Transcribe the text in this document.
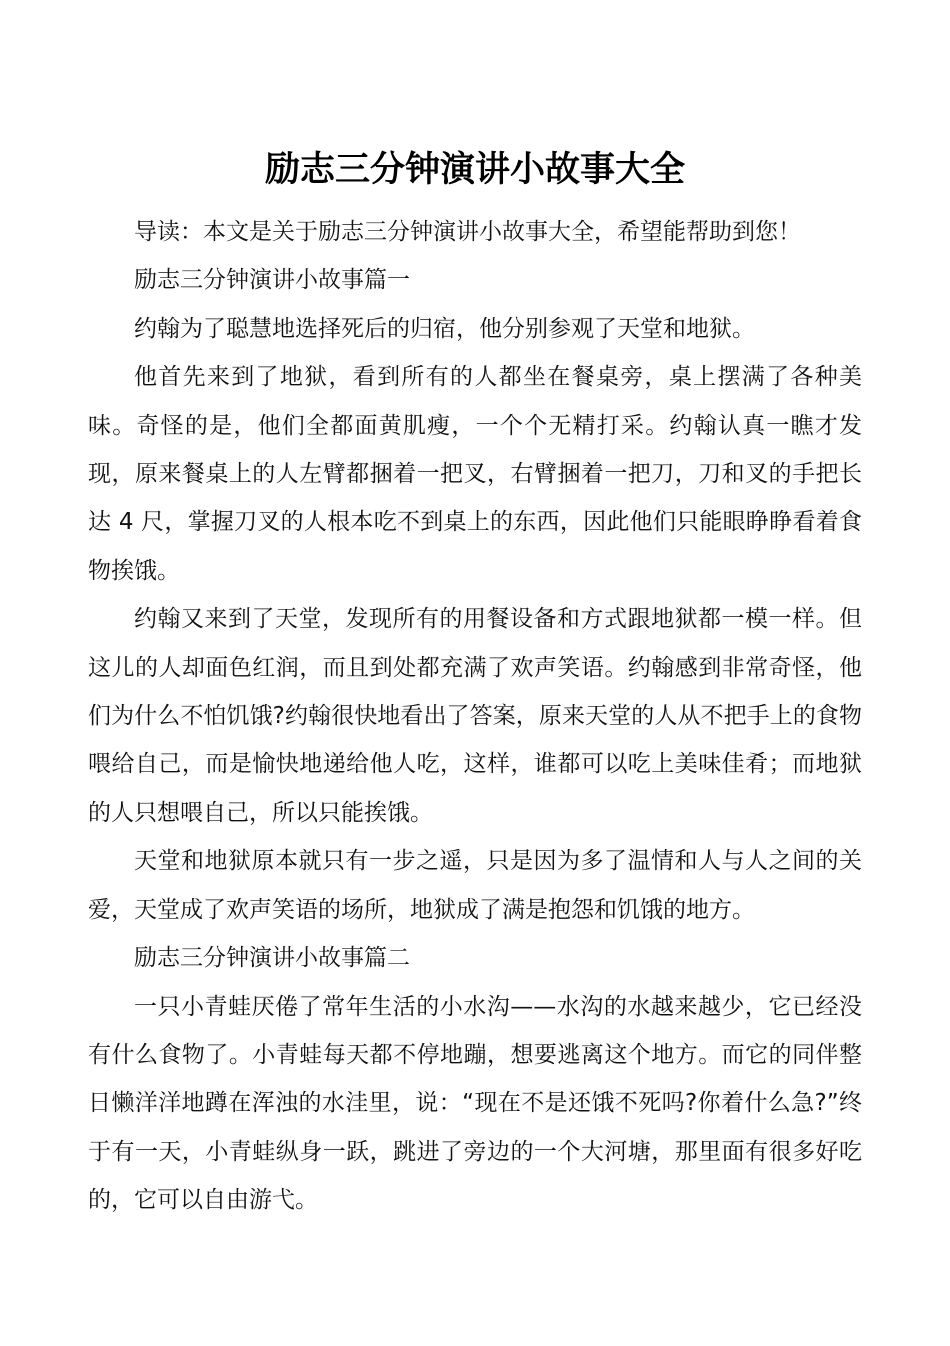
励志三分钟演讲小故事大全

导读：本文是关于励志三分钟演讲小故事大全，希望能帮助到您！

励志三分钟演讲小故事篇一

约翰为了聪慧地选择死后的归宿，他分别参观了天堂和地狱。

他首先来到了地狱，看到所有的人都坐在餐桌旁，桌上摆满了各种美味。奇怪的是，他们全都面黄肌瘦，一个个无精打采。约翰认真一瞧才发现，原来餐桌上的人左臂都捆着一把叉，右臂捆着一把刀，刀和叉的手把长达 4 尺，掌握刀叉的人根本吃不到桌上的东西，因此他们只能眼睁睁看着食物挨饿。

约翰又来到了天堂，发现所有的用餐设备和方式跟地狱都一模一样。但这儿的人却面色红润，而且到处都充满了欢声笑语。约翰感到非常奇怪，他们为什么不怕饥饿?约翰很快地看出了答案，原来天堂的人从不把手上的食物喂给自己，而是愉快地递给他人吃，这样，谁都可以吃上美味佳肴；而地狱的人只想喂自己，所以只能挨饿。

天堂和地狱原本就只有一步之遥，只是因为多了温情和人与人之间的关爱，天堂成了欢声笑语的场所，地狱成了满是抱怨和饥饿的地方。

励志三分钟演讲小故事篇二

一只小青蛙厌倦了常年生活的小水沟——水沟的水越来越少，它已经没有什么食物了。小青蛙每天都不停地蹦，想要逃离这个地方。而它的同伴整日懒洋洋地蹲在浑浊的水洼里，说：“现在不是还饿不死吗?你着什么急?”终于有一天，小青蛙纵身一跃，跳进了旁边的一个大河塘，那里面有很多好吃的，它可以自由游弋。
